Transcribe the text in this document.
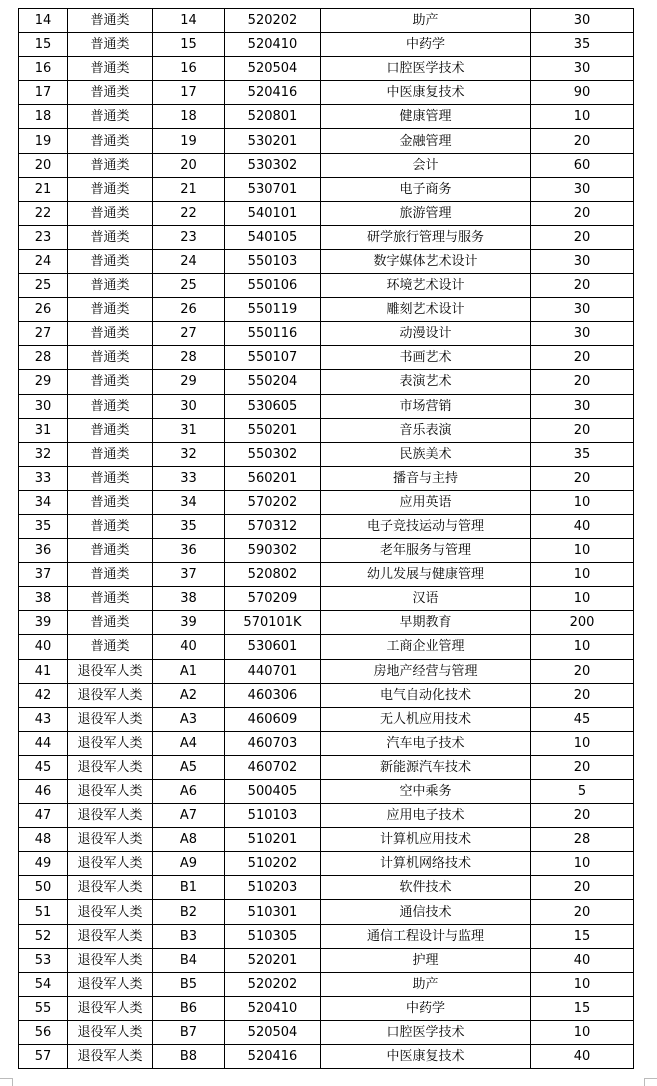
14	普通类	14	520202	助产	30
15	普通类	15	520410	中药学	35
16	普通类	16	520504	口腔医学技术	30
17	普通类	17	520416	中医康复技术	90
18	普通类	18	520801	健康管理	10
19	普通类	19	530201	金融管理	20
20	普通类	20	530302	会计	60
21	普通类	21	530701	电子商务	30
22	普通类	22	540101	旅游管理	20
23	普通类	23	540105	研学旅行管理与服务	20
24	普通类	24	550103	数字媒体艺术设计	30
25	普通类	25	550106	环境艺术设计	20
26	普通类	26	550119	雕刻艺术设计	30
27	普通类	27	550116	动漫设计	30
28	普通类	28	550107	书画艺术	20
29	普通类	29	550204	表演艺术	20
30	普通类	30	530605	市场营销	30
31	普通类	31	550201	音乐表演	20
32	普通类	32	550302	民族美术	35
33	普通类	33	560201	播音与主持	20
34	普通类	34	570202	应用英语	10
35	普通类	35	570312	电子竞技运动与管理	40
36	普通类	36	590302	老年服务与管理	10
37	普通类	37	520802	幼儿发展与健康管理	10
38	普通类	38	570209	汉语	10
39	普通类	39	570101K	早期教育	200
40	普通类	40	530601	工商企业管理	10
41	退役军人类	A1	440701	房地产经营与管理	20
42	退役军人类	A2	460306	电气自动化技术	20
43	退役军人类	A3	460609	无人机应用技术	45
44	退役军人类	A4	460703	汽车电子技术	10
45	退役军人类	A5	460702	新能源汽车技术	20
46	退役军人类	A6	500405	空中乘务	5
47	退役军人类	A7	510103	应用电子技术	20
48	退役军人类	A8	510201	计算机应用技术	28
49	退役军人类	A9	510202	计算机网络技术	10
50	退役军人类	B1	510203	软件技术	20
51	退役军人类	B2	510301	通信技术	20
52	退役军人类	B3	510305	通信工程设计与监理	15
53	退役军人类	B4	520201	护理	40
54	退役军人类	B5	520202	助产	10
55	退役军人类	B6	520410	中药学	15
56	退役军人类	B7	520504	口腔医学技术	10
57	退役军人类	B8	520416	中医康复技术	40
